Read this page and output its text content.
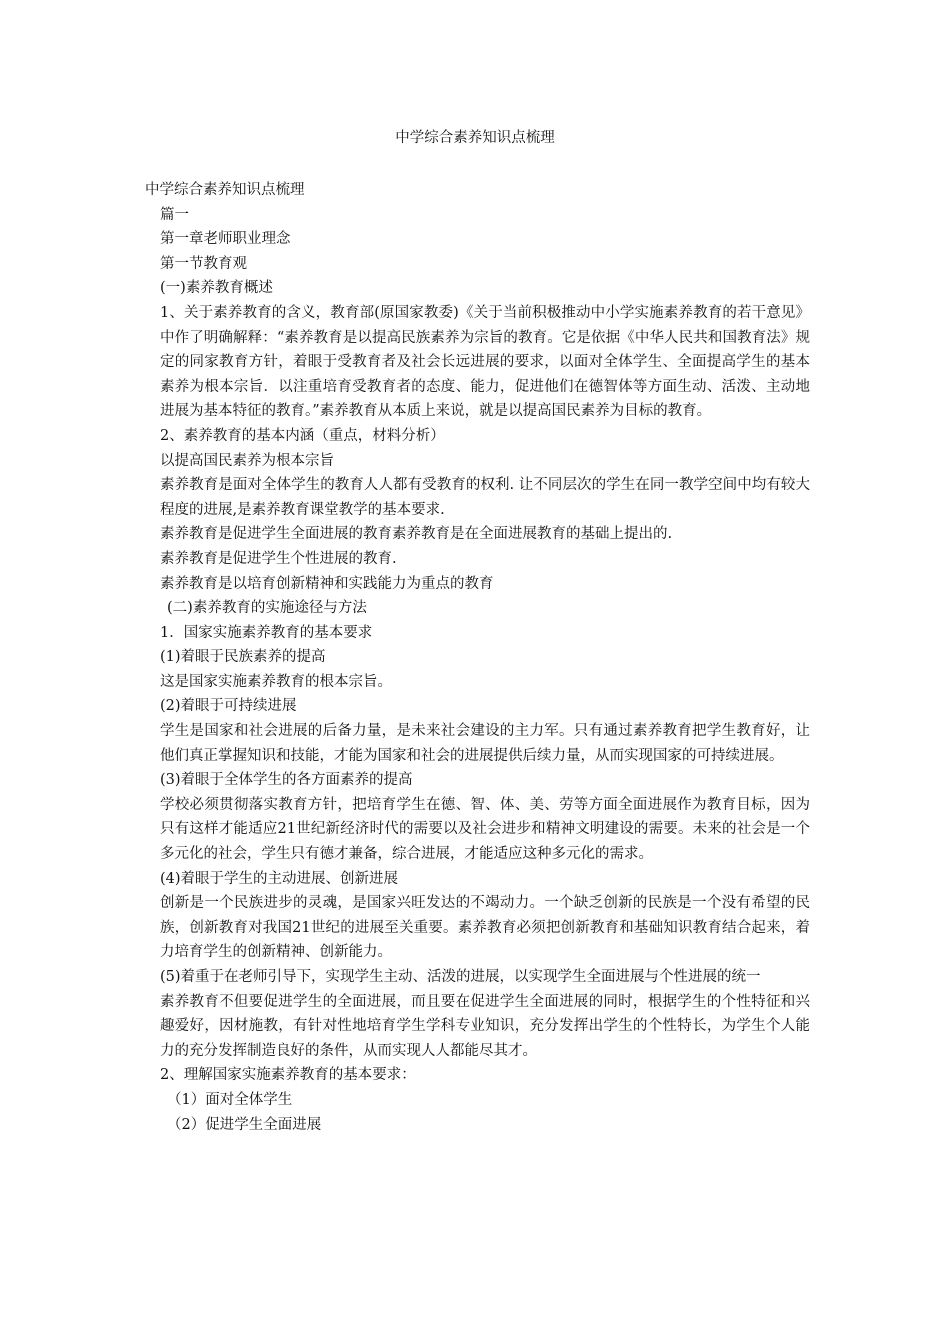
中学综合素养知识点梳理
中学综合素养知识点梳理
篇一
第一章老师职业理念
第一节教育观
(一)素养教育概述
1、关于素养教育的含义，教育部(原国家教委)《关于当前积极推动中小学实施素养教育的若干意见》中作了明确解释：“素养教育是以提高民族素养为宗旨的教育。它是依据《中华人民共和国教育法》规定的同家教育方针，着眼于受教育者及社会长远进展的要求，以面对全体学生、全面提高学生的基本素养为根本宗旨．以注重培育受教育者的态度、能力，促进他们在德智体等方面生动、活泼、主动地进展为基本特征的教育。”素养教育从本质上来说，就是以提高国民素养为目标的教育。
2、素养教育的基本内涵（重点，材料分析）
以提高国民素养为根本宗旨
素养教育是面对全体学生的教育人人都有受教育的权利. 让不同层次的学生在同一教学空间中均有较大程度的进展,是素养教育课堂教学的基本要求.
素养教育是促进学生全面进展的教育素养教育是在全面进展教育的基础上提出的.
素养教育是促进学生个性进展的教育.
素养教育是以培育创新精神和实践能力为重点的教育
(二)素养教育的实施途径与方法
1．国家实施素养教育的基本要求
(1)着眼于民族素养的提高
这是国家实施素养教育的根本宗旨。
(2)着眼于可持续进展
学生是国家和社会进展的后备力量，是未来社会建设的主力军。只有通过素养教育把学生教育好，让他们真正掌握知识和技能，才能为国家和社会的进展提供后续力量，从而实现国家的可持续进展。
(3)着眼于全体学生的各方面素养的提高
学校必须贯彻落实教育方针，把培育学生在德、智、体、美、劳等方面全面进展作为教育目标，因为只有这样才能适应21世纪新经济时代的需要以及社会进步和精神文明建设的需要。未来的社会是一个多元化的社会，学生只有德才兼备，综合进展，才能适应这种多元化的需求。
(4)着眼于学生的主动进展、创新进展
创新是一个民族进步的灵魂，是国家兴旺发达的不竭动力。一个缺乏创新的民族是一个没有希望的民族，创新教育对我国21世纪的进展至关重要。素养教育必须把创新教育和基础知识教育结合起来，着力培育学生的创新精神、创新能力。
(5)着重于在老师引导下，实现学生主动、活泼的进展，以实现学生全面进展与个性进展的统一
素养教育不但要促进学生的全面进展，而且要在促进学生全面进展的同时，根据学生的个性特征和兴趣爱好，因材施教，有针对性地培育学生学科专业知识，充分发挥出学生的个性特长，为学生个人能力的充分发挥制造良好的条件，从而实现人人都能尽其才。
2、理解国家实施素养教育的基本要求：
（1）面对全体学生
（2）促进学生全面进展
